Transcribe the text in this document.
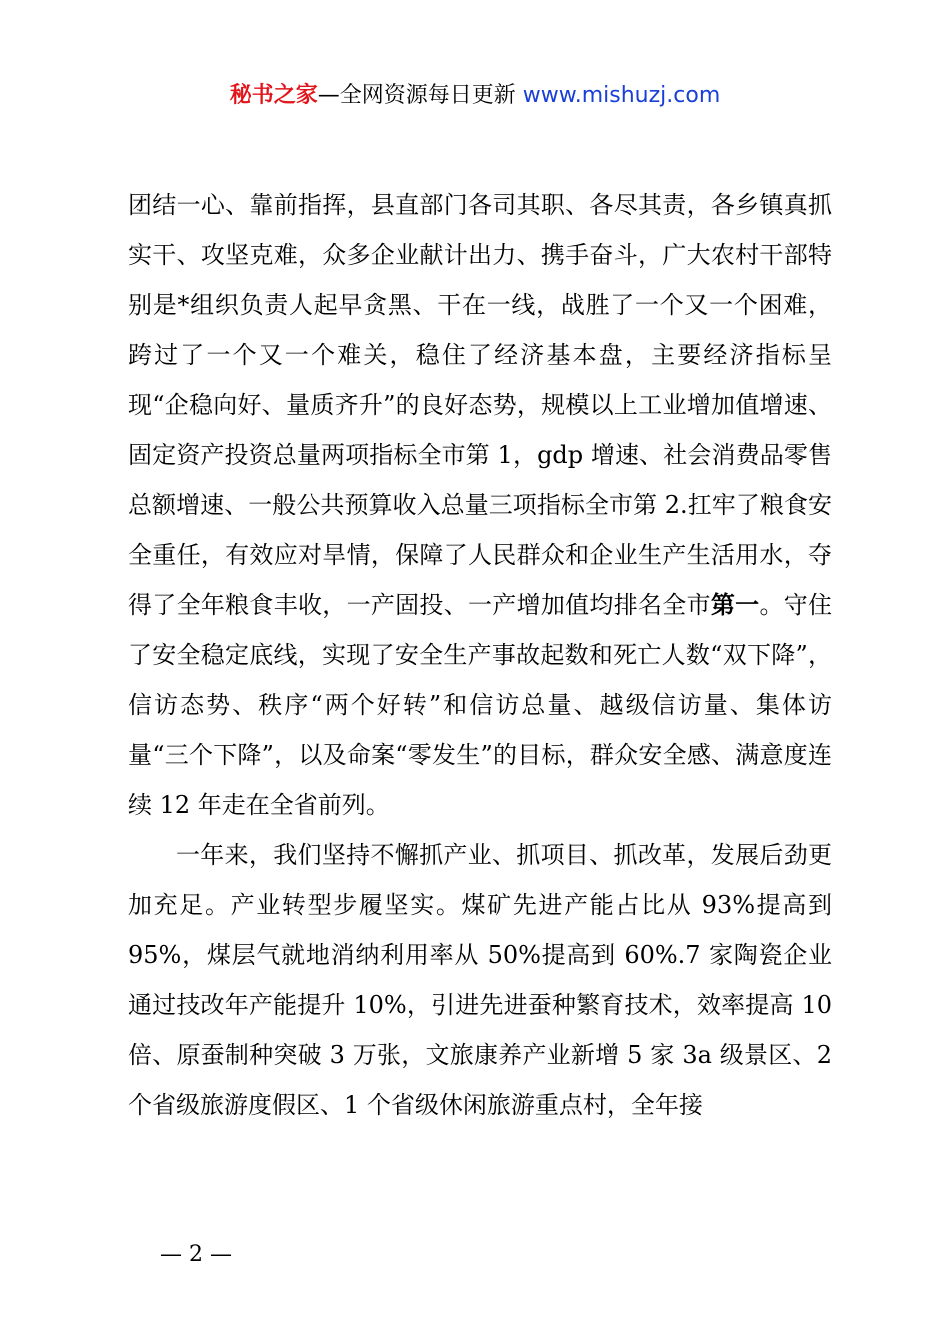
秘书之家—全网资源每日更新 www.mishuzj.com

团结一心、靠前指挥，县直部门各司其职、各尽其责，各乡镇真抓实干、攻坚克难，众多企业献计出力、携手奋斗，广大农村干部特别是*组织负责人起早贪黑、干在一线，战胜了一个又一个困难，跨过了一个又一个难关，稳住了经济基本盘，主要经济指标呈现“企稳向好、量质齐升”的良好态势，规模以上工业增加值增速、固定资产投资总量两项指标全市第 1，gdp 增速、社会消费品零售总额增速、一般公共预算收入总量三项指标全市第 2.扛牢了粮食安全重任，有效应对旱情，保障了人民群众和企业生产生活用水，夺得了全年粮食丰收，一产固投、一产增加值均排名全市第一。守住了安全稳定底线，实现了安全生产事故起数和死亡人数“双下降”，信访态势、秩序“两个好转”和信访总量、越级信访量、集体访量“三个下降”，以及命案“零发生”的目标，群众安全感、满意度连续 12 年走在全省前列。

一年来，我们坚持不懈抓产业、抓项目、抓改革，发展后劲更加充足。产业转型步履坚实。煤矿先进产能占比从 93%提高到 95%，煤层气就地消纳利用率从 50%提高到 60%.7 家陶瓷企业通过技改年产能提升 10%，引进先进蚕种繁育技术，效率提高 10 倍、原蚕制种突破 3 万张，文旅康养产业新增 5 家 3a 级景区、2 个省级旅游度假区、1 个省级休闲旅游重点村，全年接

— 2 —
